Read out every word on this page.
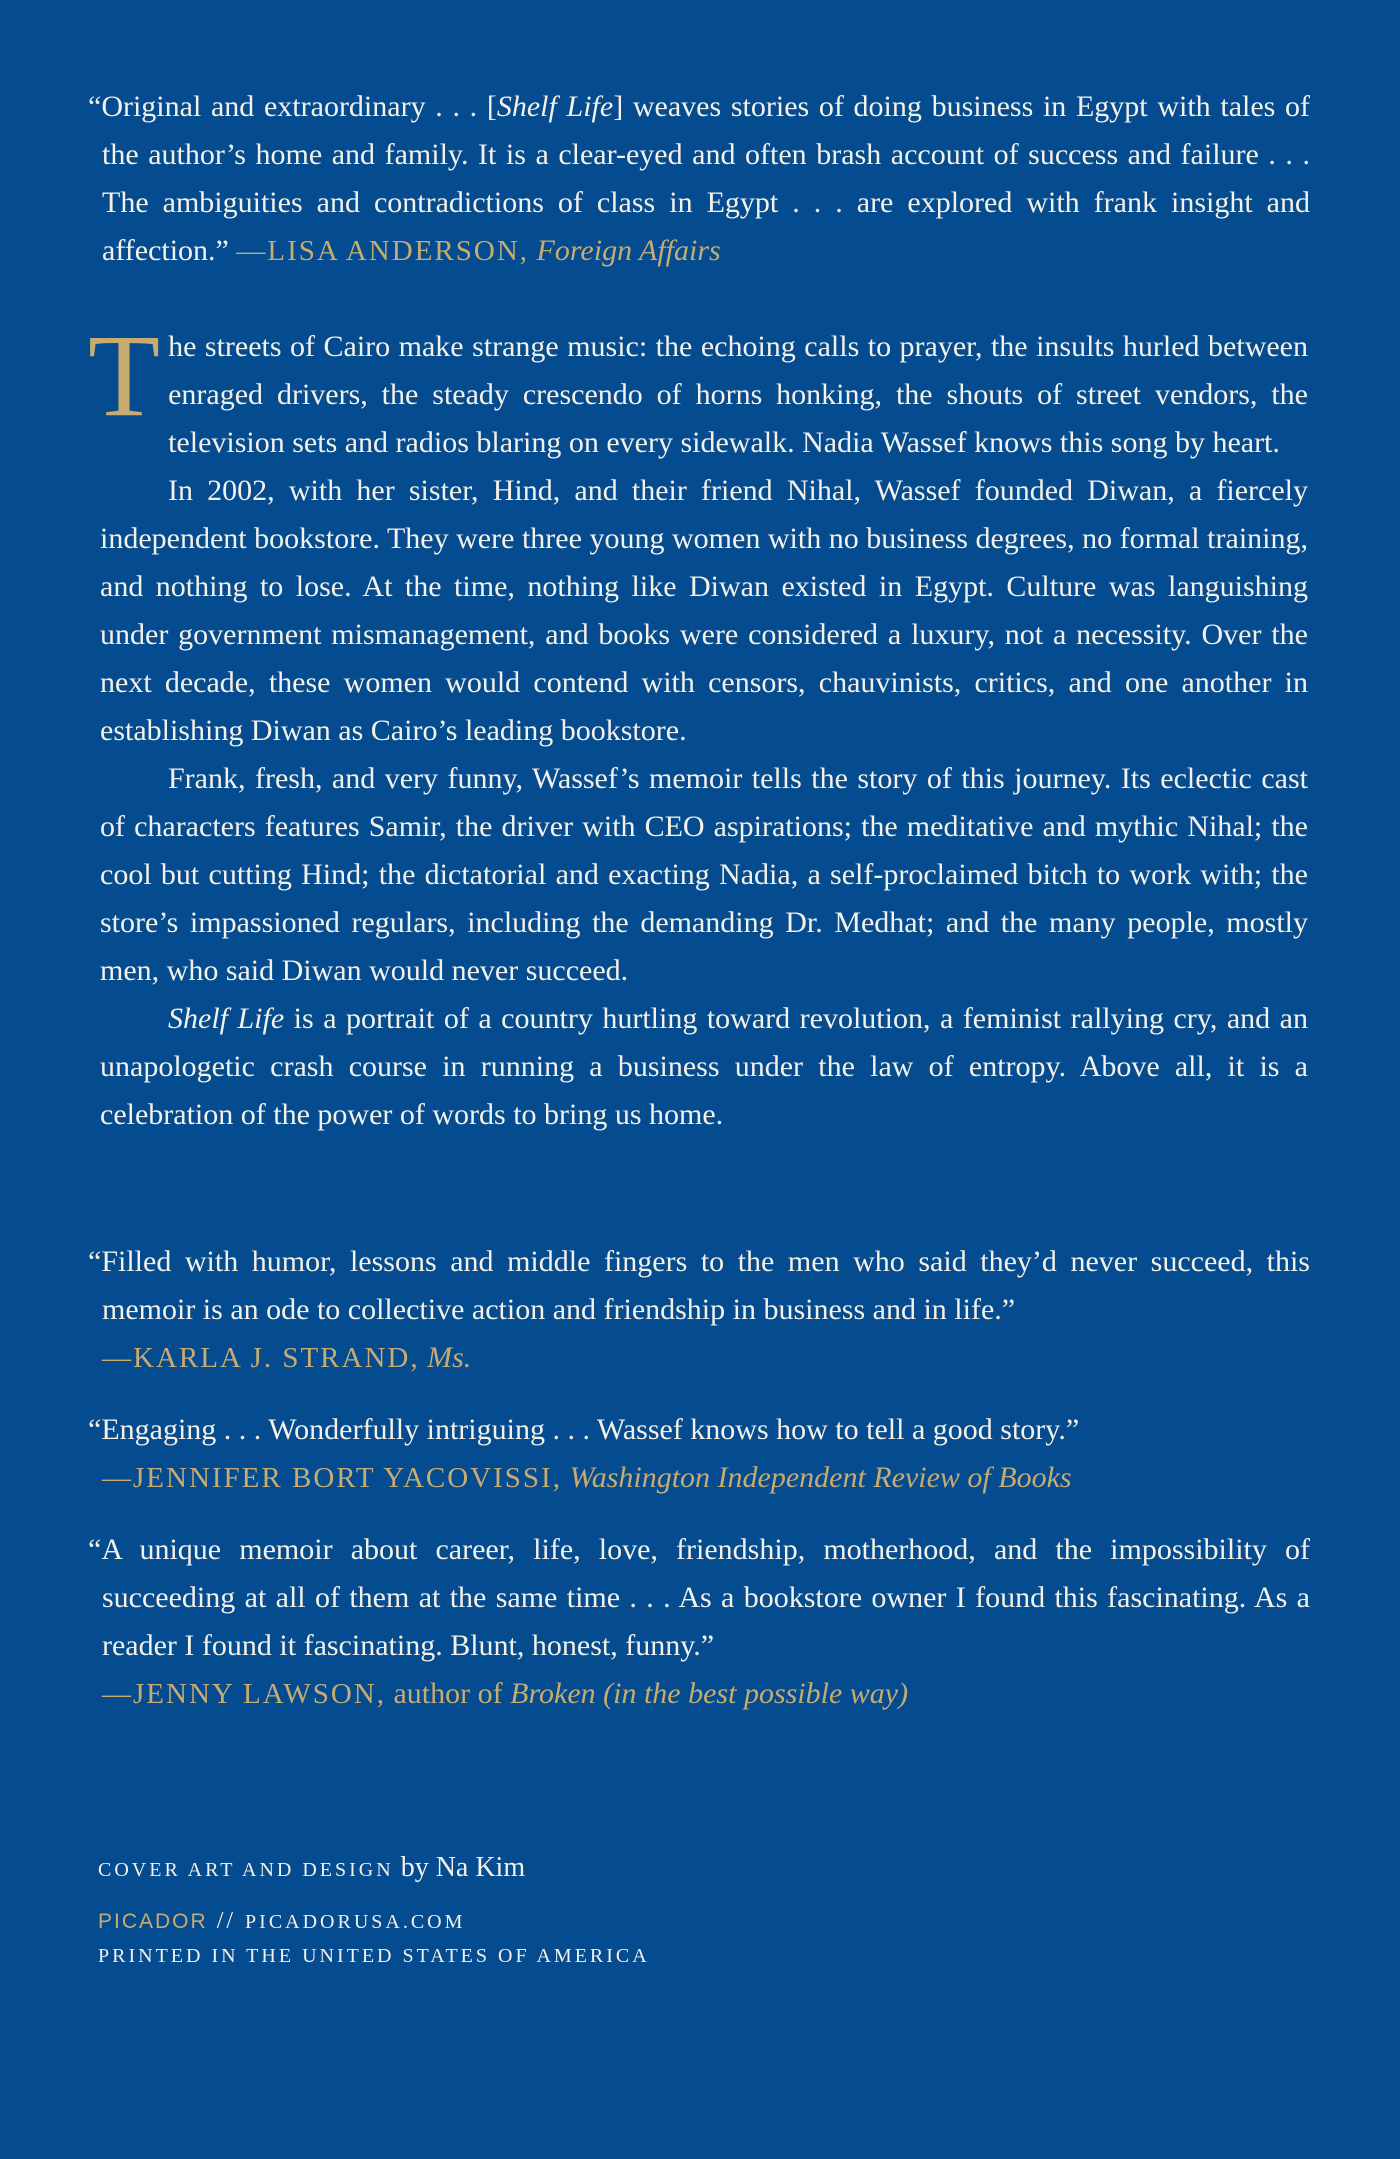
“Original and extraordinary . . . [Shelf Life] weaves stories of doing business in Egypt with tales of the author’s home and family. It is a clear-eyed and often brash account of success and failure . . . The ambiguities and contradictions of class in Egypt . . . are explored with frank insight and affection.” —LISA ANDERSON, Foreign Affairs

The streets of Cairo make strange music: the echoing calls to prayer, the insults hurled between enraged drivers, the steady crescendo of horns honking, the shouts of street vendors, the television sets and radios blaring on every sidewalk. Nadia Wassef knows this song by heart.

In 2002, with her sister, Hind, and their friend Nihal, Wassef founded Diwan, a fiercely independent bookstore. They were three young women with no business degrees, no formal training, and nothing to lose. At the time, nothing like Diwan existed in Egypt. Culture was languishing under government mismanagement, and books were considered a luxury, not a necessity. Over the next decade, these women would contend with censors, chauvinists, critics, and one another in establishing Diwan as Cairo’s leading bookstore.

Frank, fresh, and very funny, Wassef’s memoir tells the story of this journey. Its eclectic cast of characters features Samir, the driver with CEO aspirations; the meditative and mythic Nihal; the cool but cutting Hind; the dictatorial and exacting Nadia, a self-proclaimed bitch to work with; the store’s impassioned regulars, including the demanding Dr. Medhat; and the many people, mostly men, who said Diwan would never succeed.

Shelf Life is a portrait of a country hurtling toward revolution, a feminist rallying cry, and an unapologetic crash course in running a business under the law of entropy. Above all, it is a celebration of the power of words to bring us home.

“Filled with humor, lessons and middle fingers to the men who said they’d never succeed, this memoir is an ode to collective action and friendship in business and in life.”

—KARLA J. STRAND, Ms.

“Engaging . . . Wonderfully intriguing . . . Wassef knows how to tell a good story.”

—JENNIFER BORT YACOVISSI, Washington Independent Review of Books

“A unique memoir about career, life, love, friendship, motherhood, and the impossibility of succeeding at all of them at the same time . . . As a bookstore owner I found this fascinating. As a reader I found it fascinating. Blunt, honest, funny.”

—JENNY LAWSON, author of Broken (in the best possible way)

COVER ART AND DESIGN by Na Kim
PICADOR // PICADORUSA.COM
PRINTED IN THE UNITED STATES OF AMERICA
